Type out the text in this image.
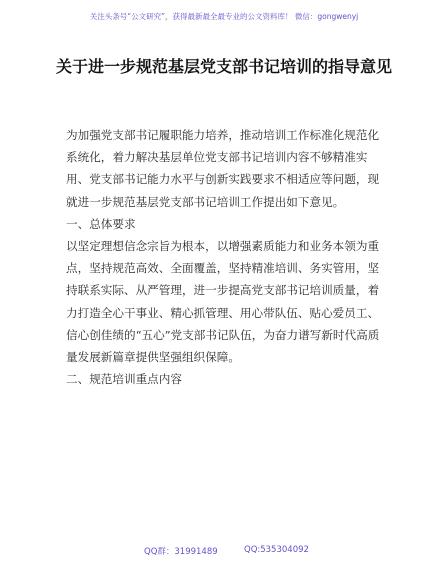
关注头条号“公文研究”，获得最新最全最专业的公文资料库！ 微信：gongwenyj
关于进一步规范基层党支部书记培训的指导意见
为加强党支部书记履职能力培养，推动培训工作标准化规范化系统化，着力解决基层单位党支部书记培训内容不够精准实用、党支部书记能力水平与创新实践要求不相适应等问题，现就进一步规范基层党支部书记培训工作提出如下意见。
一、总体要求
以坚定理想信念宗旨为根本，以增强素质能力和业务本领为重点，坚持规范高效、全面覆盖，坚持精准培训、务实管用，坚持联系实际、从严管理，进一步提高党支部书记培训质量，着力打造全心干事业、精心抓管理、用心带队伍、贴心爱员工、信心创佳绩的“五心”党支部书记队伍，为奋力谱写新时代高质量发展新篇章提供坚强组织保障。
二、规范培训重点内容
QQ群：31991489	QQ:535304092
